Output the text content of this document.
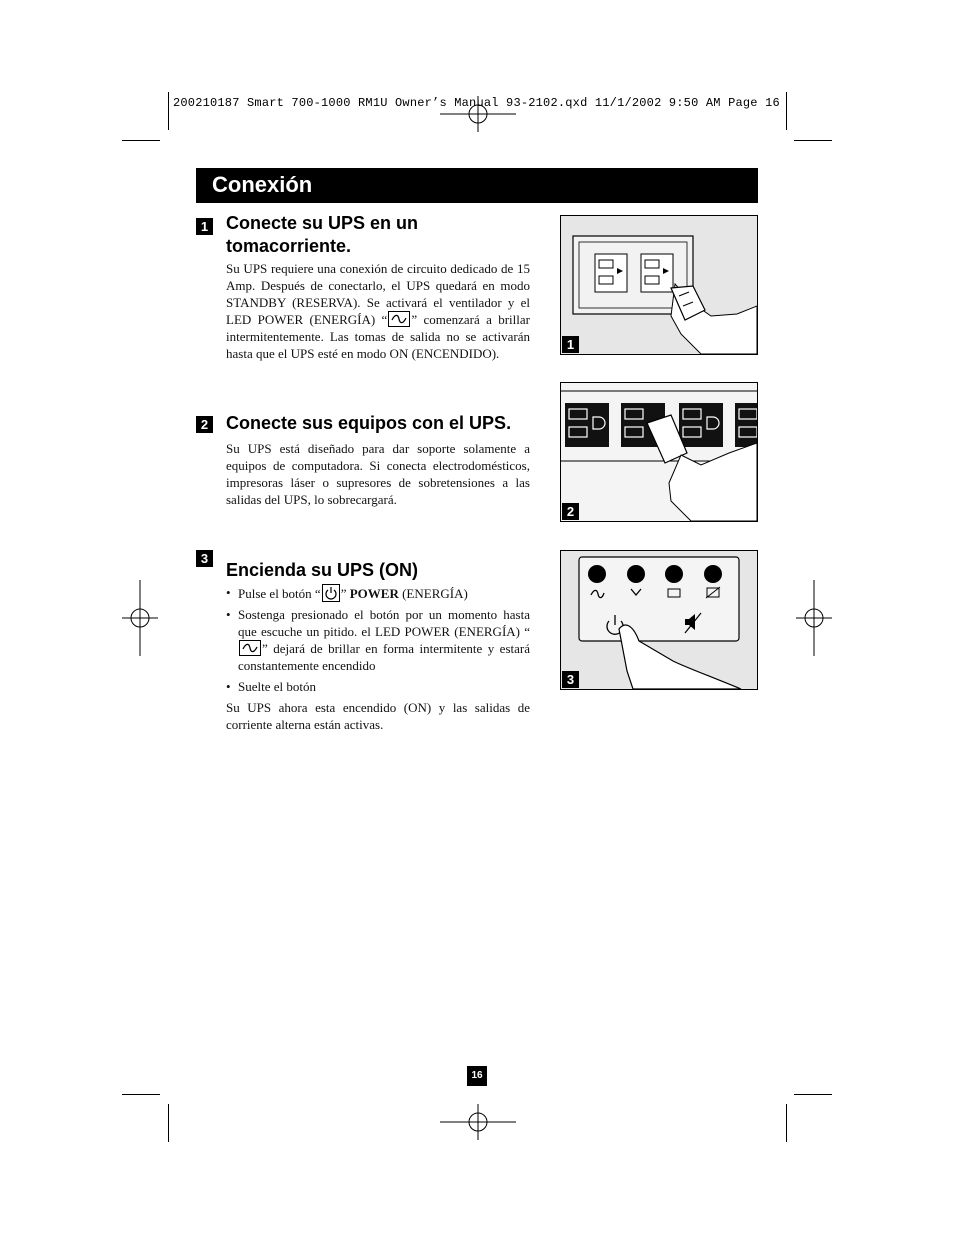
200210187 Smart 700-1000 RM1U Owner’s Manual 93-2102.qxd 11/1/2002 9:50 AM Page 16
Conexión
1 Conecte su UPS en un
tomacorriente.

Su UPS requiere una conexión de circuito dedicado de 15 Amp. Después de conectarlo, el UPS quedará en modo STANDBY (RESERVA). Se activará el ventilador y el LED POWER (ENERGÍA) “ ” comenzará a brillar intermitentemente. Las tomas de salida no se activarán hasta que el UPS esté en modo ON (ENCENDIDO).

1
2 Conecte sus equipos con el UPS.

Su UPS está diseñado para dar soporte solamente a equipos de computadora. Si conecta electrodomésticos, impresoras láser o supresores de sobretensiones a las salidas del UPS, lo sobrecargará.

2
3
Encienda su UPS (ON)
• Pulse el botón “ ” POWER (ENERGÍA)
• Sostenga presionado el botón por un momento hasta que escuche un pitido. el LED POWER (ENERGÍA) “
” dejará de brillar en forma intermitente y estará constantemente encendido
• Suelte el botón

Su UPS ahora esta encendido (ON) y las salidas de corriente alterna están activas.

3
16
